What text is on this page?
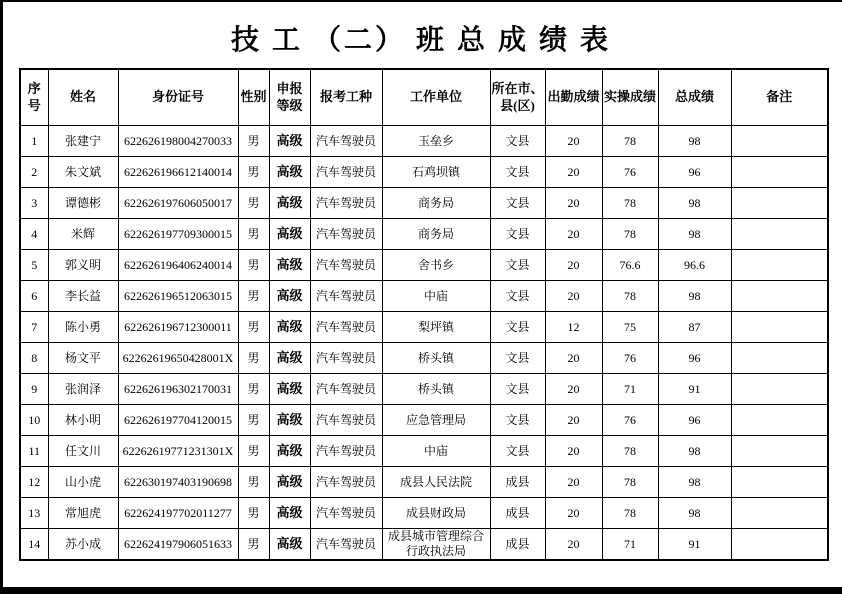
技 工 （二） 班 总 成 绩 表
序号	姓名	身份证号	性别	申报等级	报考工种	工作单位	所在市、县(区)	出勤成绩	实操成绩	总成绩	备注
1	张建宁	622626198004270033	男	高级	汽车驾驶员	玉垒乡	文县	20	78	98	
2	朱文斌	622626196612140014	男	高级	汽车驾驶员	石鸡坝镇	文县	20	76	96	
3	谭德彬	622626197606050017	男	高级	汽车驾驶员	商务局	文县	20	78	98	
4	米辉	622626197709300015	男	高级	汽车驾驶员	商务局	文县	20	78	98	
5	郭义明	622626196406240014	男	高级	汽车驾驶员	舍书乡	文县	20	76.6	96.6	
6	李长益	622626196512063015	男	高级	汽车驾驶员	中庙	文县	20	78	98	
7	陈小勇	622626196712300011	男	高级	汽车驾驶员	梨坪镇	文县	12	75	87	
8	杨文平	62262619650428001X	男	高级	汽车驾驶员	桥头镇	文县	20	76	96	
9	张润泽	622626196302170031	男	高级	汽车驾驶员	桥头镇	文县	20	71	91	
10	林小明	622626197704120015	男	高级	汽车驾驶员	应急管理局	文县	20	76	96	
11	任文川	62262619771231301X	男	高级	汽车驾驶员	中庙	文县	20	78	98	
12	山小虎	622630197403190698	男	高级	汽车驾驶员	成县人民法院	成县	20	78	98	
13	常旭虎	622624197702011277	男	高级	汽车驾驶员	成县财政局	成县	20	78	98	
14	苏小成	622624197906051633	男	高级	汽车驾驶员	成县城市管理综合行政执法局	成县	20	71	91	
